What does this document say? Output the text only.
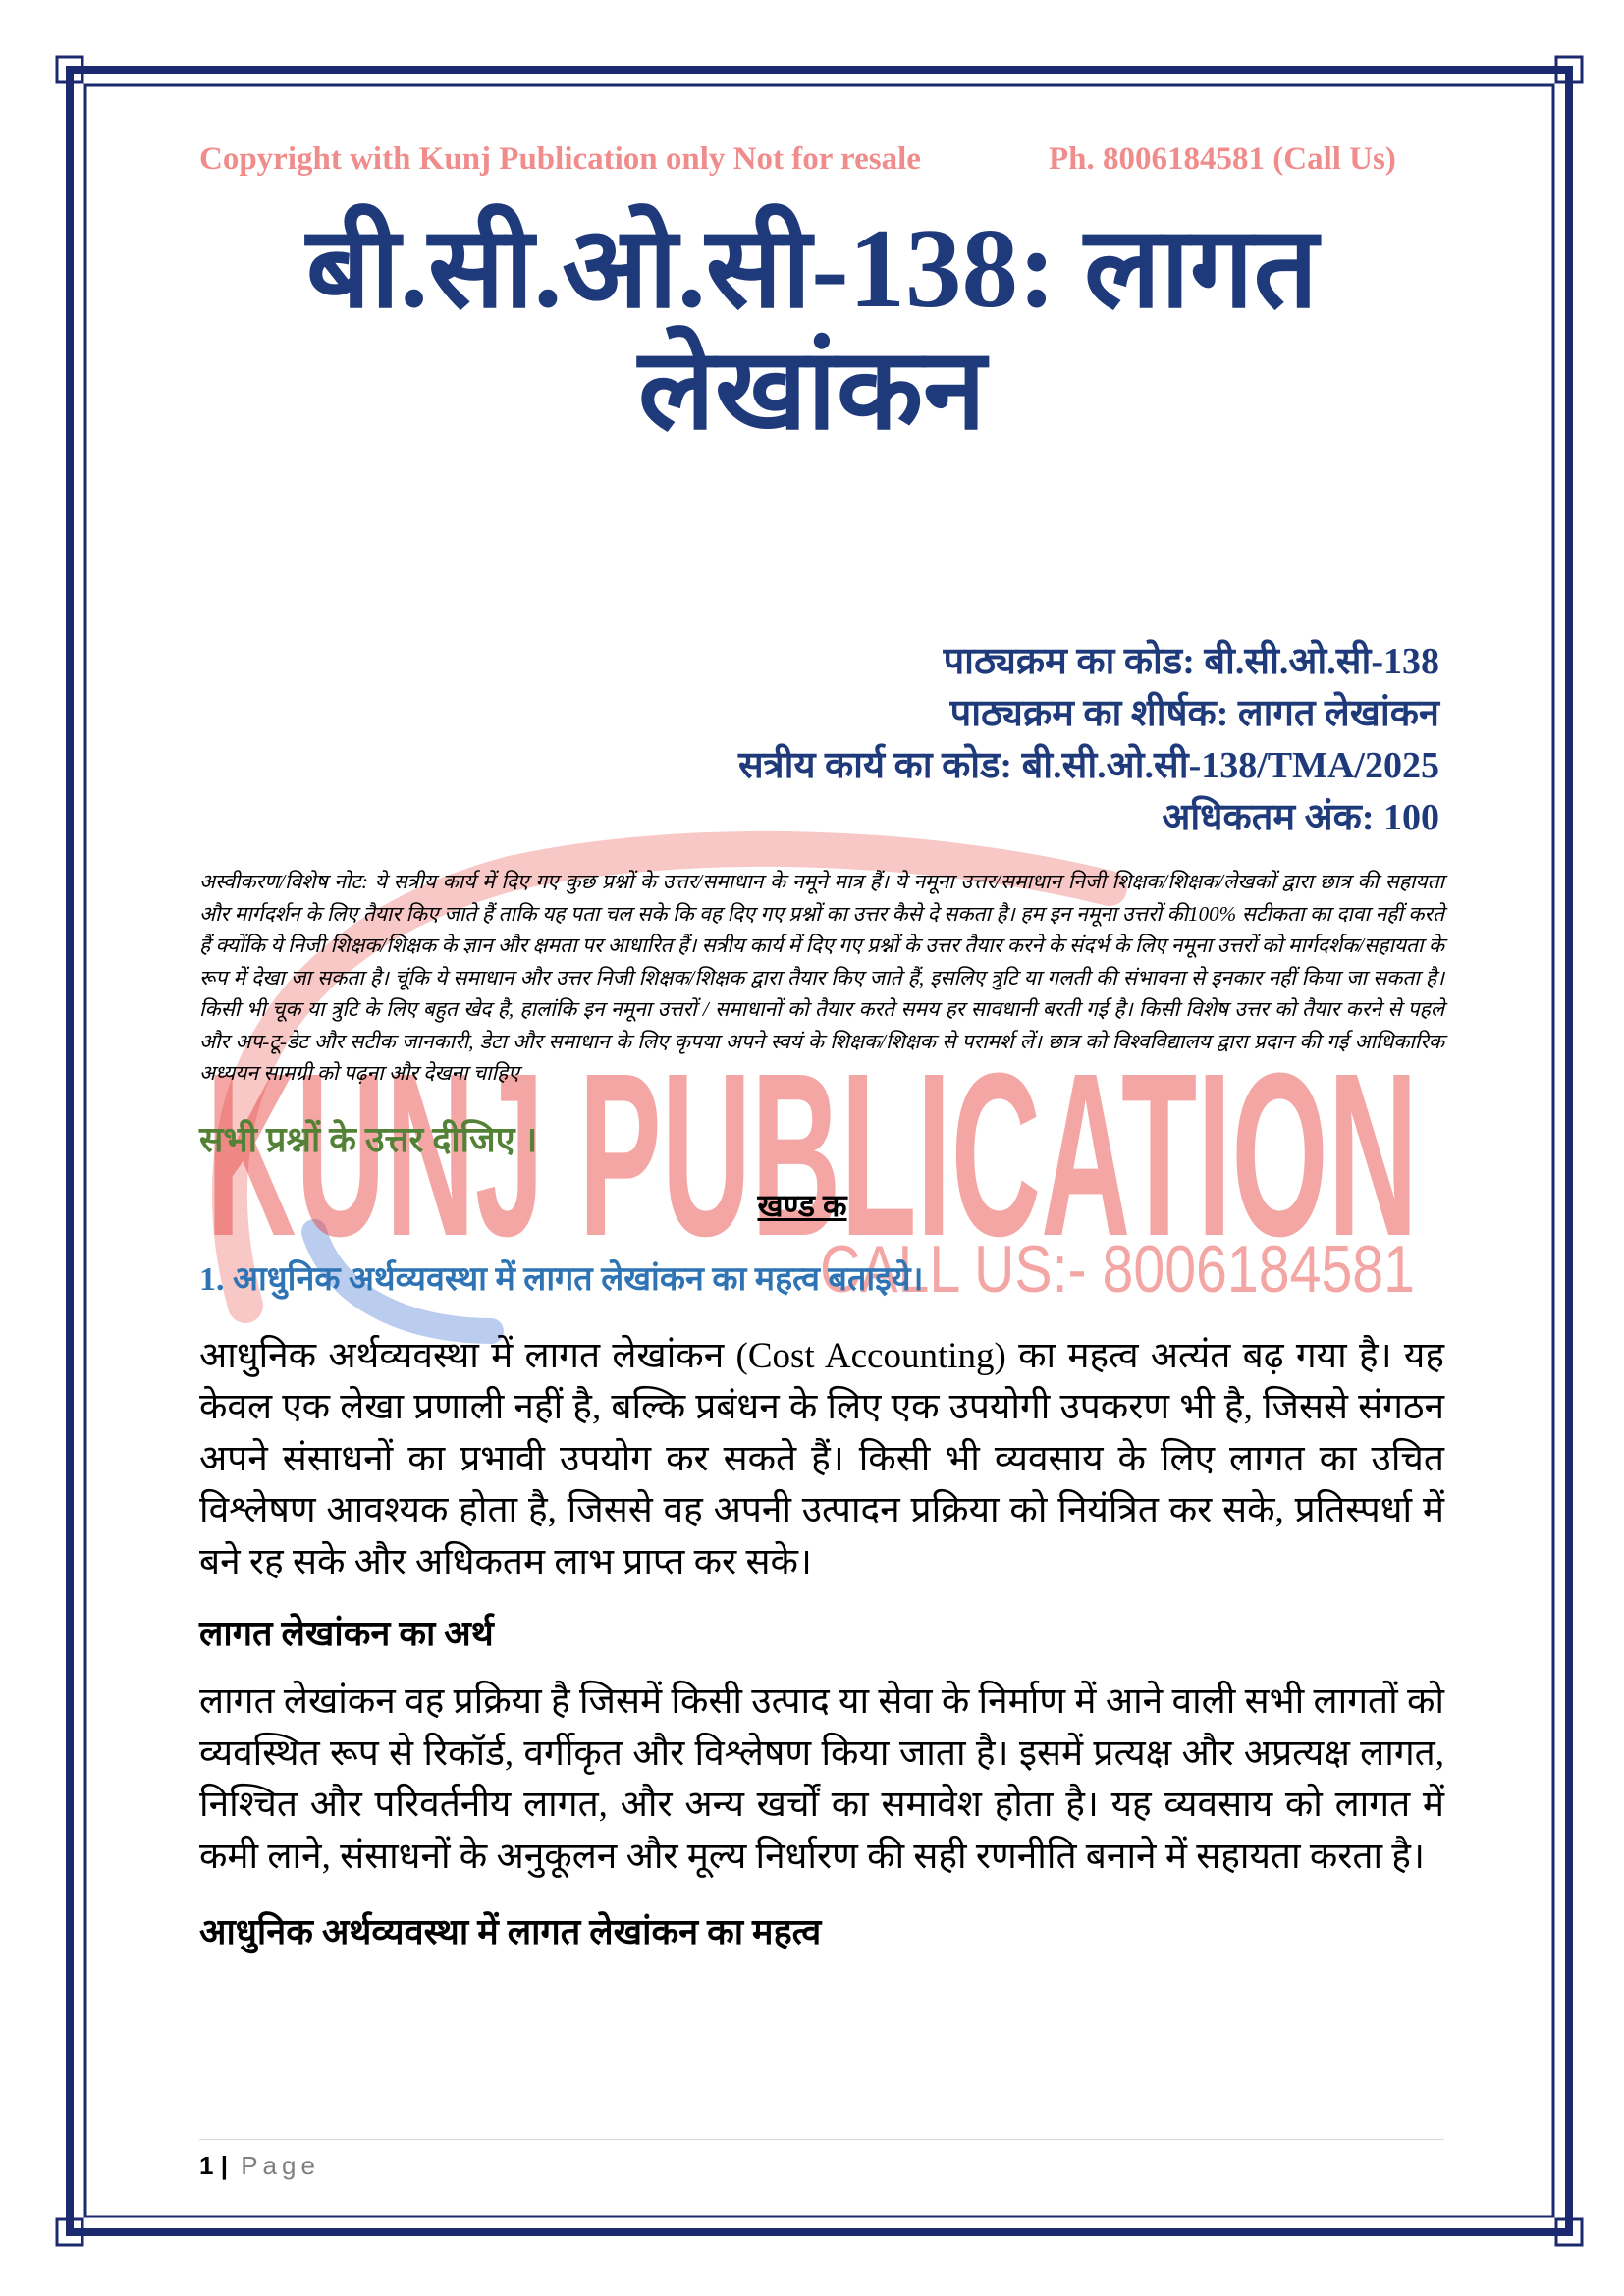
KUNJ PUBLICATION
CALL US:- 8006184581
Copyright with Kunj Publication only Not for resale	Ph. 8006184581 (Call Us)
बी.सी.ओ.सी-138: लागत
लेखांकन
पाठ्यक्रम का कोड: बी.सी.ओ.सी-138
पाठ्यक्रम का शीर्षक: लागत लेखांकन
सत्रीय कार्य का कोड: बी.सी.ओ.सी-138/TMA/2025
अधिकतम अंक: 100
अस्वीकरण/विशेष नोट: ये सत्रीय कार्य में दिए गए कुछ प्रश्नों के उत्तर/समाधान के नमूने मात्र हैं। ये नमूना उत्तर/समाधान निजी शिक्षक/शिक्षक/लेखकों द्वारा छात्र की सहायता और मार्गदर्शन के लिए तैयार किए जाते हैं ताकि यह पता चल सके कि वह दिए गए प्रश्नों का उत्तर कैसे दे सकता है। हम इन नमूना उत्तरों की100% सटीकता का दावा नहीं करते हैं क्योंकि ये निजी शिक्षक/शिक्षक के ज्ञान और क्षमता पर आधारित हैं। सत्रीय कार्य में दिए गए प्रश्नों के उत्तर तैयार करने के संदर्भ के लिए नमूना उत्तरों को मार्गदर्शक/सहायता के रूप में देखा जा सकता है। चूंकि ये समाधान और उत्तर निजी शिक्षक/शिक्षक द्वारा तैयार किए जाते हैं, इसलिए त्रुटि या गलती की संभावना से इनकार नहीं किया जा सकता है। किसी भी चूक या त्रुटि के लिए बहुत खेद है, हालांकि इन नमूना उत्तरों / समाधानों को तैयार करते समय हर सावधानी बरती गई है। किसी विशेष उत्तर को तैयार करने से पहले और अप-टू-डेट और सटीक जानकारी, डेटा और समाधान के लिए कृपया अपने स्वयं के शिक्षक/शिक्षक से परामर्श लें। छात्र को विश्वविद्यालय द्वारा प्रदान की गई आधिकारिक अध्ययन सामग्री को पढ़ना और देखना चाहिए
सभी प्रश्नों के उत्तर दीजिए ।
खण्ड क
1. आधुनिक अर्थव्यवस्था में लागत लेखांकन का महत्व बताइये।
आधुनिक अर्थव्यवस्था में लागत लेखांकन (Cost Accounting) का महत्व अत्यंत बढ़ गया है। यह केवल एक लेखा प्रणाली नहीं है, बल्कि प्रबंधन के लिए एक उपयोगी उपकरण भी है, जिससे संगठन अपने संसाधनों का प्रभावी उपयोग कर सकते हैं। किसी भी व्यवसाय के लिए लागत का उचित विश्लेषण आवश्यक होता है, जिससे वह अपनी उत्पादन प्रक्रिया को नियंत्रित कर सके, प्रतिस्पर्धा में बने रह सके और अधिकतम लाभ प्राप्त कर सके।
लागत लेखांकन का अर्थ
लागत लेखांकन वह प्रक्रिया है जिसमें किसी उत्पाद या सेवा के निर्माण में आने वाली सभी लागतों को व्यवस्थित रूप से रिकॉर्ड, वर्गीकृत और विश्लेषण किया जाता है। इसमें प्रत्यक्ष और अप्रत्यक्ष लागत, निश्चित और परिवर्तनीय लागत, और अन्य खर्चों का समावेश होता है। यह व्यवसाय को लागत में कमी लाने, संसाधनों के अनुकूलन और मूल्य निर्धारण की सही रणनीति बनाने में सहायता करता है।
आधुनिक अर्थव्यवस्था में लागत लेखांकन का महत्व
1 | Page
